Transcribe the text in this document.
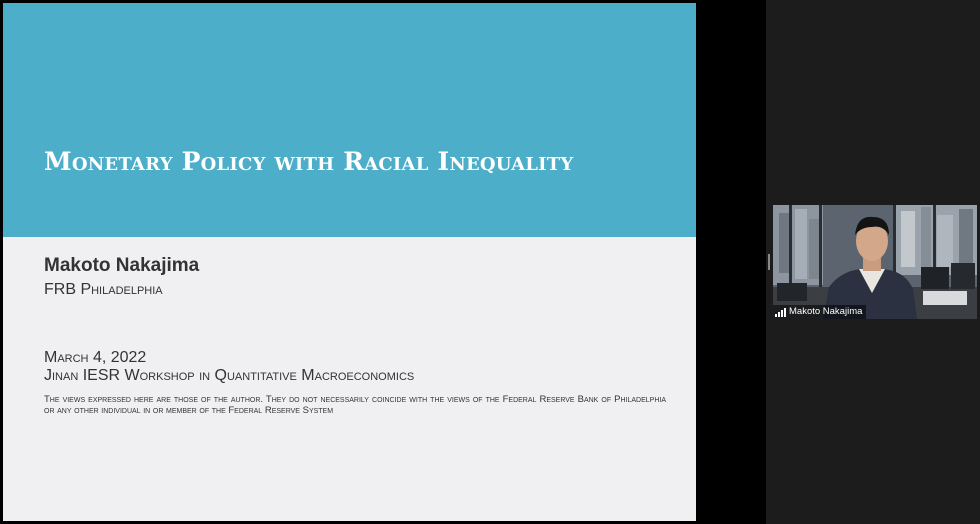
Monetary Policy with Racial Inequality
Makoto Nakajima
FRB Philadelphia
March 4, 2022
Jinan IESR Workshop in Quantitative Macroeconomics
The views expressed here are those of the author. They do not necessarily coincide with the views of the Federal Reserve Bank of Philadelphia or any other individual in or member of the Federal Reserve System
Makoto Nakajima
